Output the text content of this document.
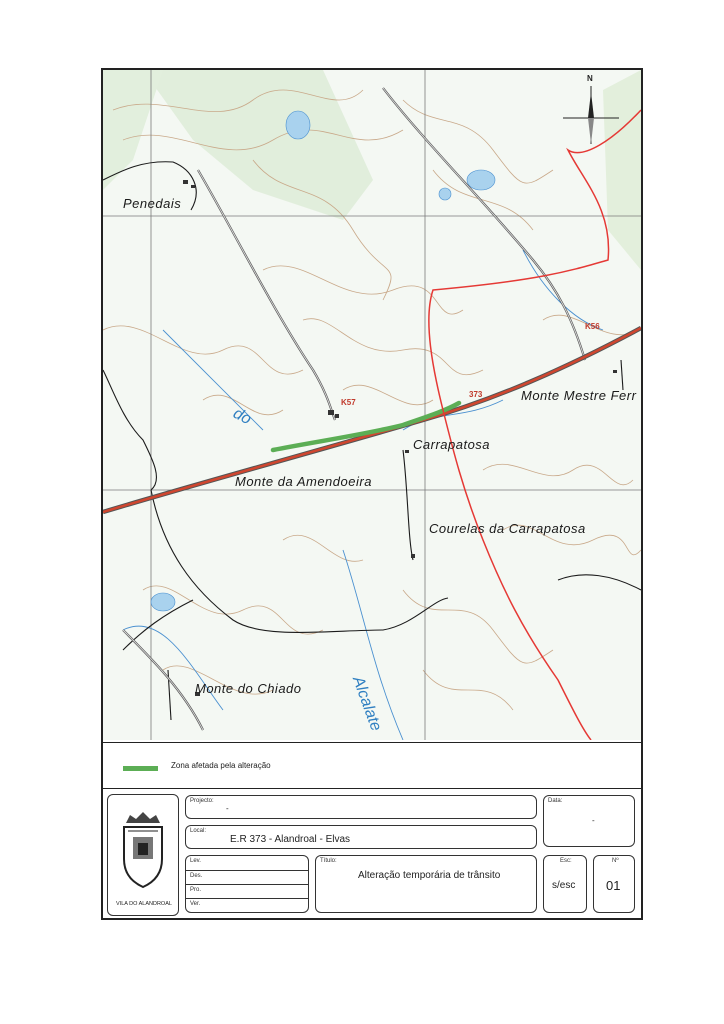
N
Penedais
Monte Mestre Ferr
Carrapatosa
Monte da Amendoeira
Courelas da Carrapatosa
Monte do Chiado
do
Alcalate
K57
K56
373
Zona afetada pela alteração
VILA DO ALANDROAL
Projecto:
-
Data:
-
Local:
E.R 373 - Alandroal - Elvas
Lev.
Des.
Pro.
Ver.
Título:
Alteração temporária de trânsito
Esc:
s/esc
Nº
01
